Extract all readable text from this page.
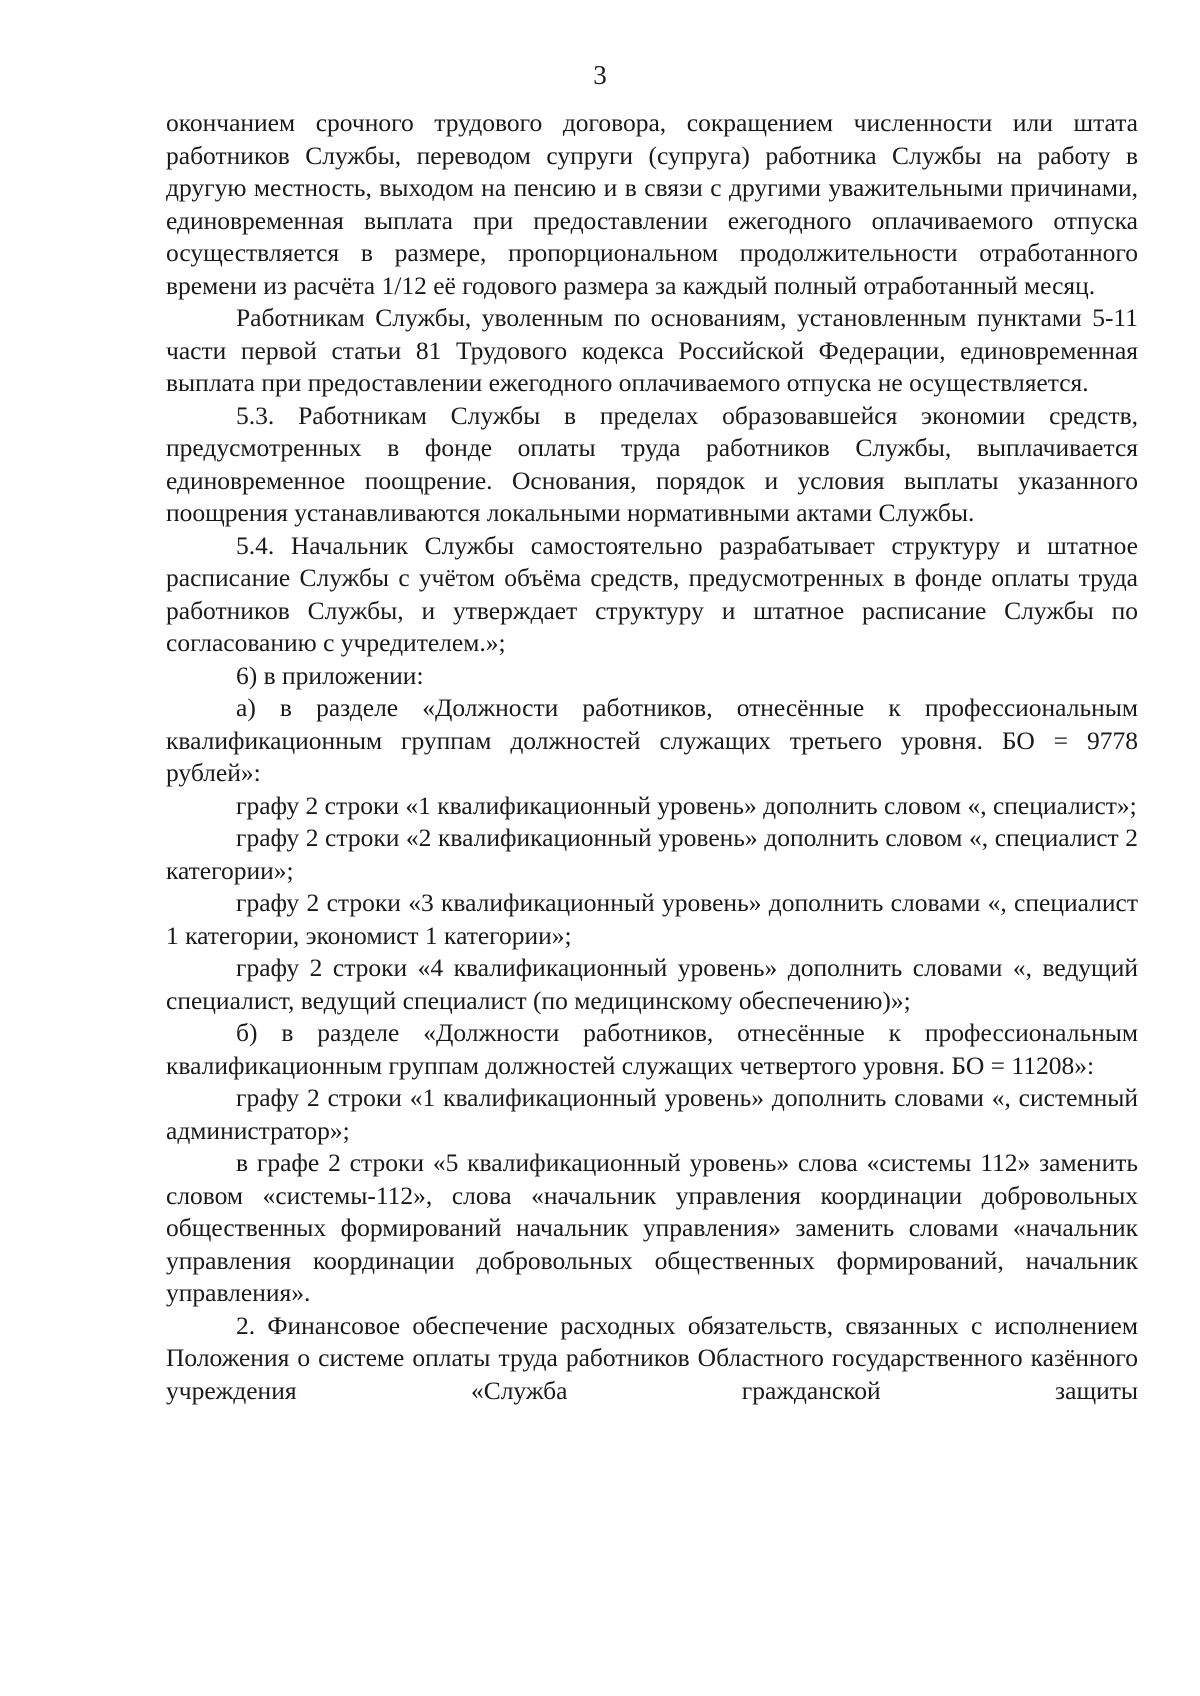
3

окончанием срочного трудового договора, сокращением численности или штата работников Службы, переводом супруги (супруга) работника Службы на работу в другую местность, выходом на пенсию и в связи с другими уважительными причинами, единовременная выплата при предоставлении ежегодного оплачиваемого отпуска осуществляется в размере, пропорциональном продолжительности отработанного времени из расчёта 1/12 её годового размера за каждый полный отработанный месяц.

Работникам Службы, уволенным по основаниям, установленным пунктами 5-11 части первой статьи 81 Трудового кодекса Российской Федерации, единовременная выплата при предоставлении ежегодного оплачиваемого отпуска не осуществляется.

5.3. Работникам Службы в пределах образовавшейся экономии средств, предусмотренных в фонде оплаты труда работников Службы, выплачивается единовременное поощрение. Основания, порядок и условия выплаты указанного поощрения устанавливаются локальными нормативными актами Службы.

5.4. Начальник Службы самостоятельно разрабатывает структуру и штатное расписание Службы с учётом объёма средств, предусмотренных в фонде оплаты труда работников Службы, и утверждает структуру и штатное расписание Службы по согласованию с учредителем.»;

6) в приложении:

а) в разделе «Должности работников, отнесённые к профессиональным квалификационным группам должностей служащих третьего уровня. БО = 9778 рублей»:

графу 2 строки «1 квалификационный уровень» дополнить словом «, специалист»;

графу 2 строки «2 квалификационный уровень» дополнить словом «, специалист 2 категории»;

графу 2 строки «3 квалификационный уровень» дополнить словами «, специалист 1 категории, экономист 1 категории»;

графу 2 строки «4 квалификационный уровень» дополнить словами «, ведущий специалист, ведущий специалист (по медицинскому обеспечению)»;

б) в разделе «Должности работников, отнесённые к профессиональным квалификационным группам должностей служащих четвертого уровня. БО = 11208»:

графу 2 строки «1 квалификационный уровень» дополнить словами «, системный администратор»;

в графе 2 строки «5 квалификационный уровень» слова «системы 112» заменить словом «системы-112», слова «начальник управления координации добровольных общественных формирований начальник управления» заменить словами «начальник управления координации добровольных общественных формирований, начальник управления».

2. Финансовое обеспечение расходных обязательств, связанных с исполнением Положения о системе оплаты труда работников Областного государственного казённого учреждения «Служба гражданской защиты
